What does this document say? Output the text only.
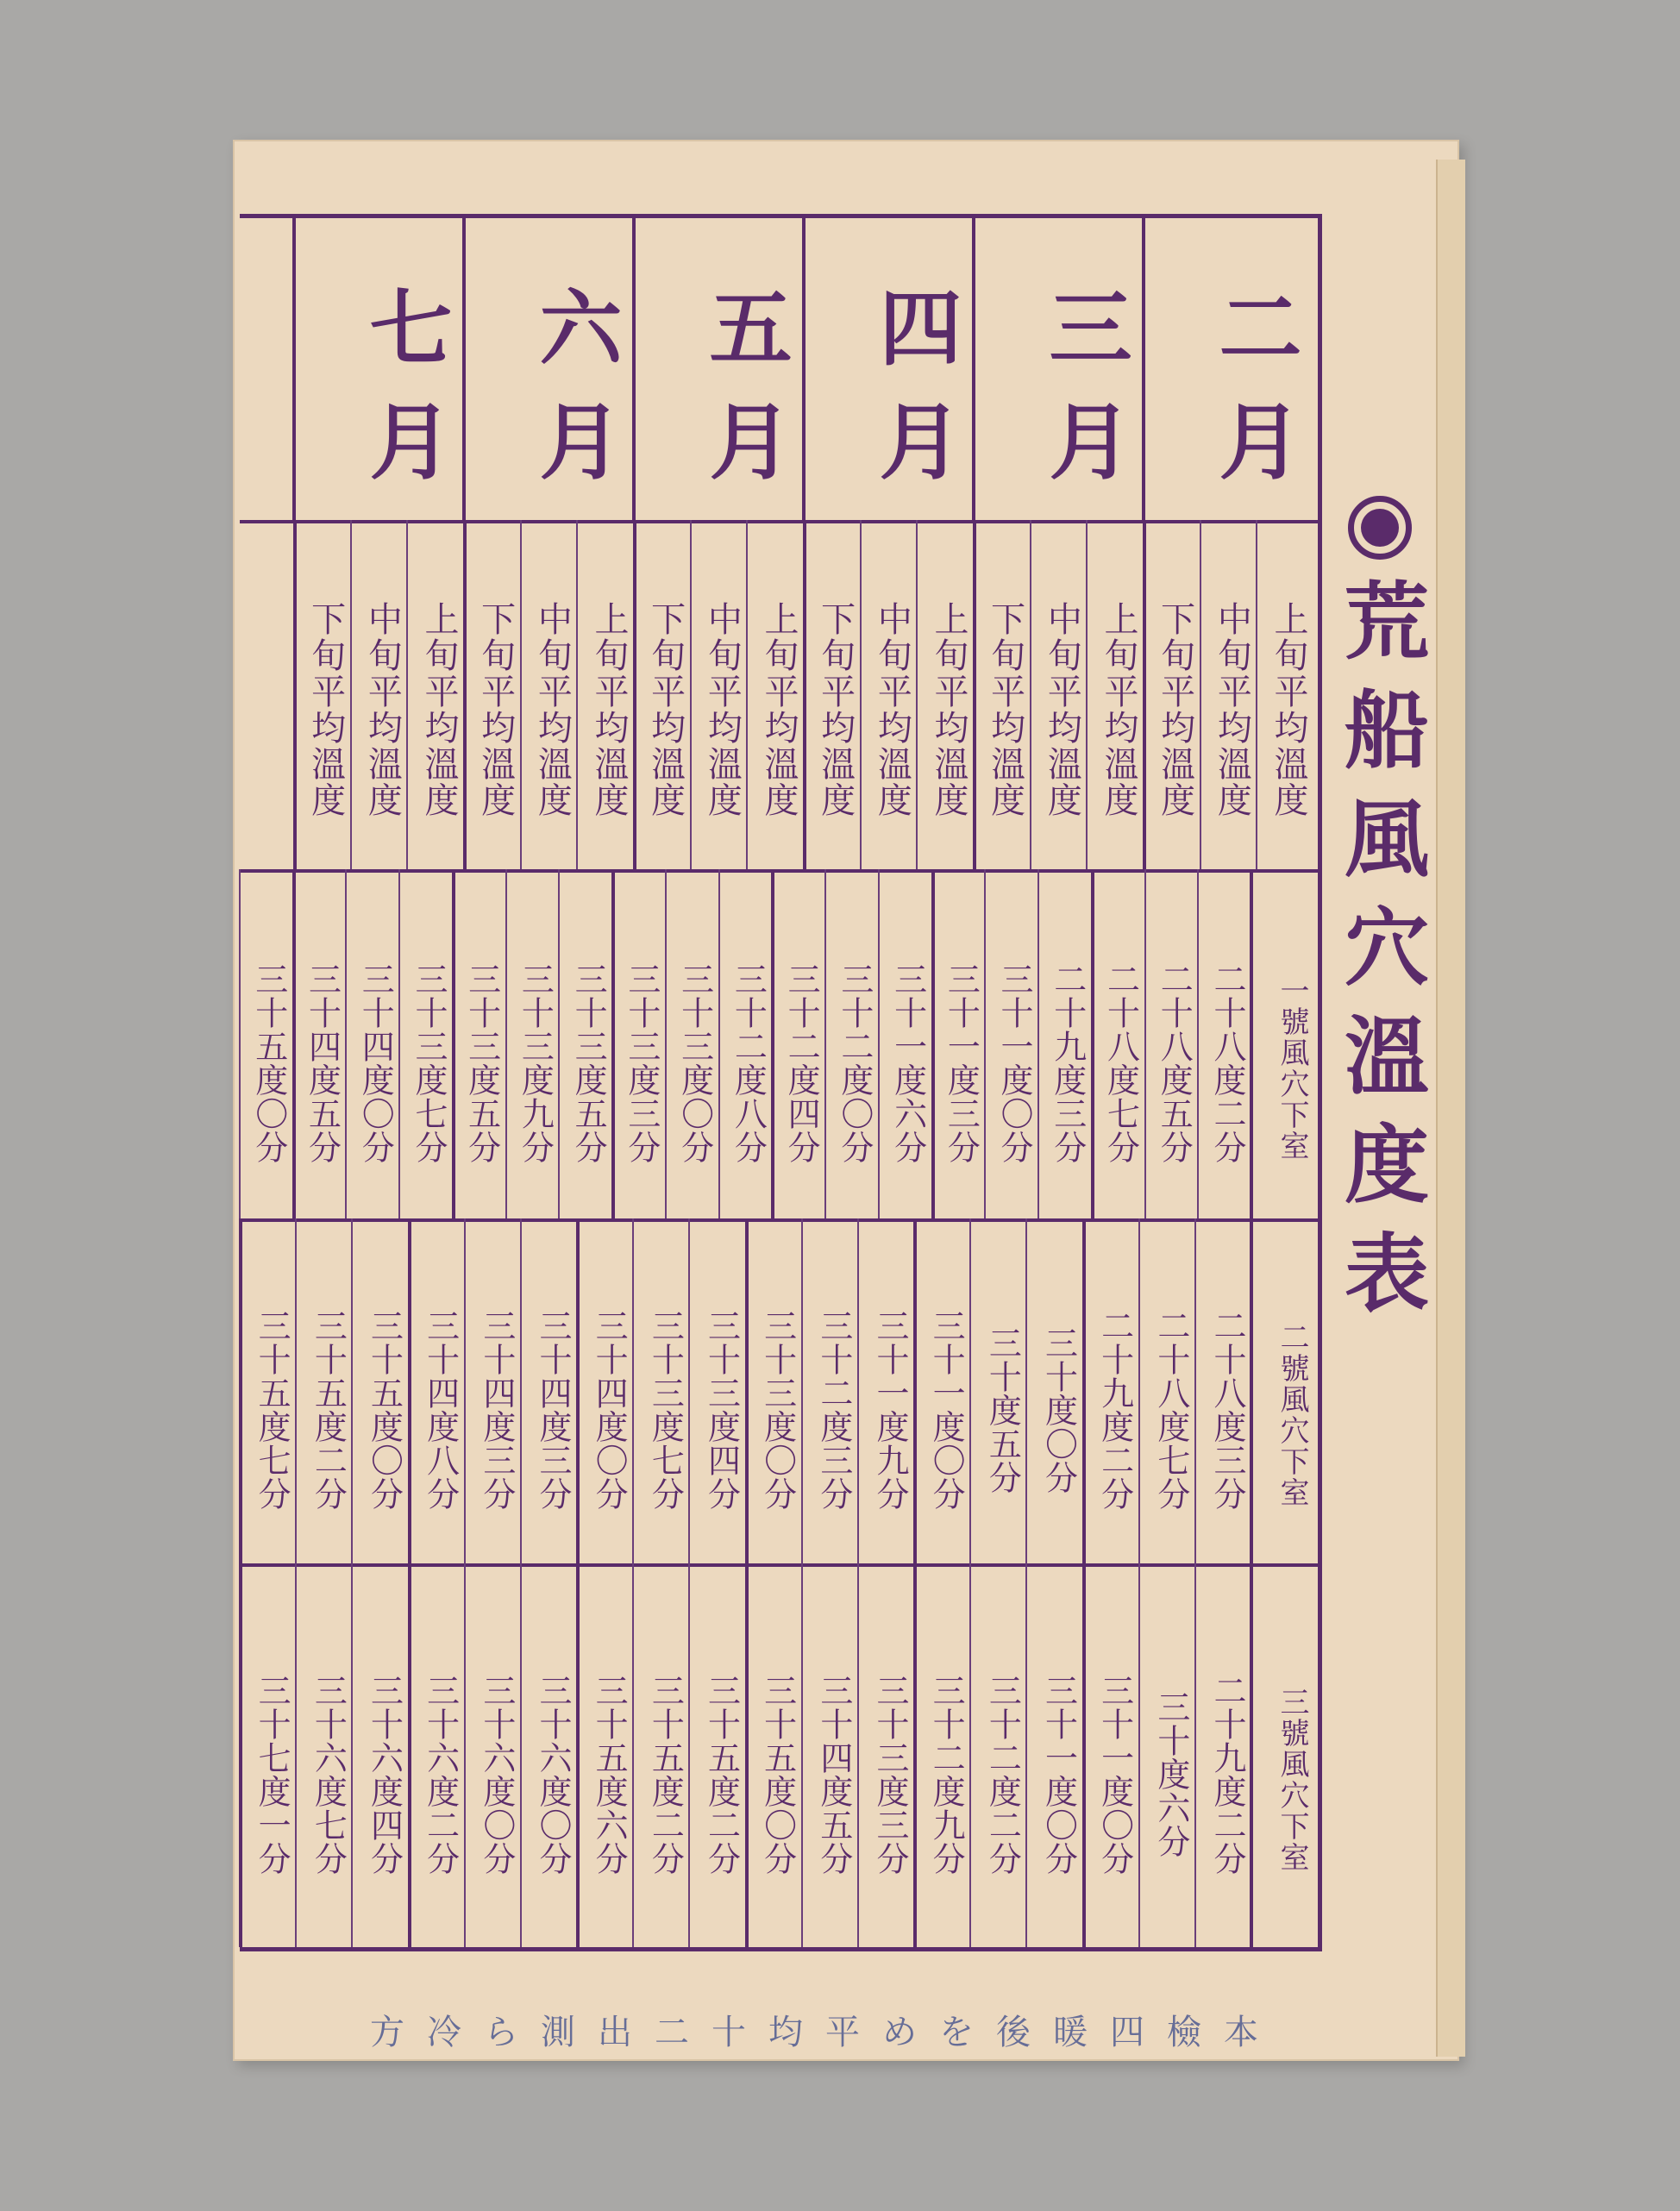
荒船風穴溫度表
二月
三月
四月
五月
六月
七月
上旬平均溫度
中旬平均溫度
下旬平均溫度
上旬平均溫度
中旬平均溫度
下旬平均溫度
上旬平均溫度
中旬平均溫度
下旬平均溫度
上旬平均溫度
中旬平均溫度
下旬平均溫度
上旬平均溫度
中旬平均溫度
下旬平均溫度
上旬平均溫度
中旬平均溫度
下旬平均溫度
一號風穴下室
二十八度二分
二十八度五分
二十八度七分
二十九度三分
三十一度〇分
三十一度三分
三十一度六分
三十二度〇分
三十二度四分
三十二度八分
三十三度〇分
三十三度三分
三十三度五分
三十三度九分
三十三度五分
三十三度七分
三十四度〇分
三十四度五分
三十五度〇分
二號風穴下室
二十八度三分
二十八度七分
二十九度二分
三十度〇分
三十度五分
三十一度〇分
三十一度九分
三十二度三分
三十三度〇分
三十三度四分
三十三度七分
三十四度〇分
三十四度三分
三十四度三分
三十四度八分
三十五度〇分
三十五度二分
三十五度七分
三號風穴下室
二十九度二分
三十度六分
三十一度〇分
三十一度〇分
三十二度二分
三十二度九分
三十三度三分
三十四度五分
三十五度〇分
三十五度二分
三十五度二分
三十五度六分
三十六度〇分
三十六度〇分
三十六度二分
三十六度四分
三十六度七分
三十七度一分
方冷ら測出二十均平めを後暖四檢本
